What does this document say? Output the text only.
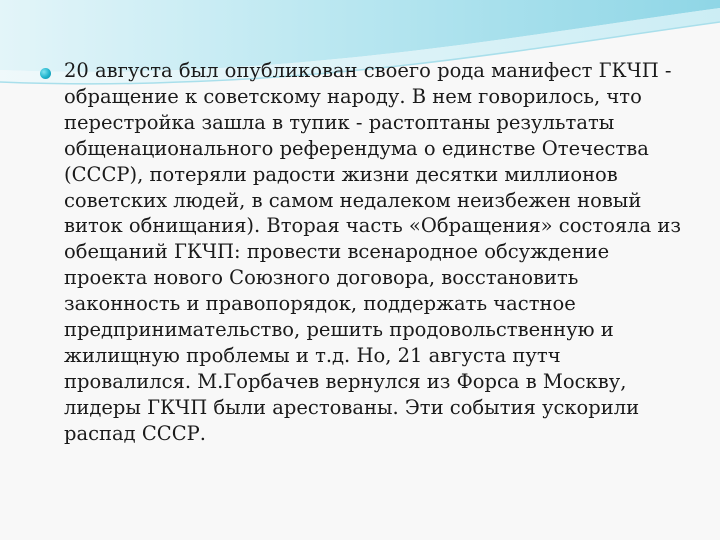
20 августа был опубликован своего рода манифест ГКЧП - обращение к советскому народу. В нем говорилось, что перестройка зашла в тупик - растоптаны результаты общенационального референдума о единстве Отечества (СССР), потеряли радости жизни десятки миллионов советских людей, в самом недалеком неизбежен новый виток обнищания). Вторая часть «Обращения» состояла из обещаний ГКЧП: провести всенародное обсуждение проекта нового Союзного договора, восстановить законность и правопорядок, поддержать частное предпринимательство, решить продовольственную и жилищную проблемы и т.д. Но, 21 августа путч провалился. М.Горбачев вернулся из Форса в Москву, лидеры ГКЧП были арестованы. Эти события ускорили распад СССР.
